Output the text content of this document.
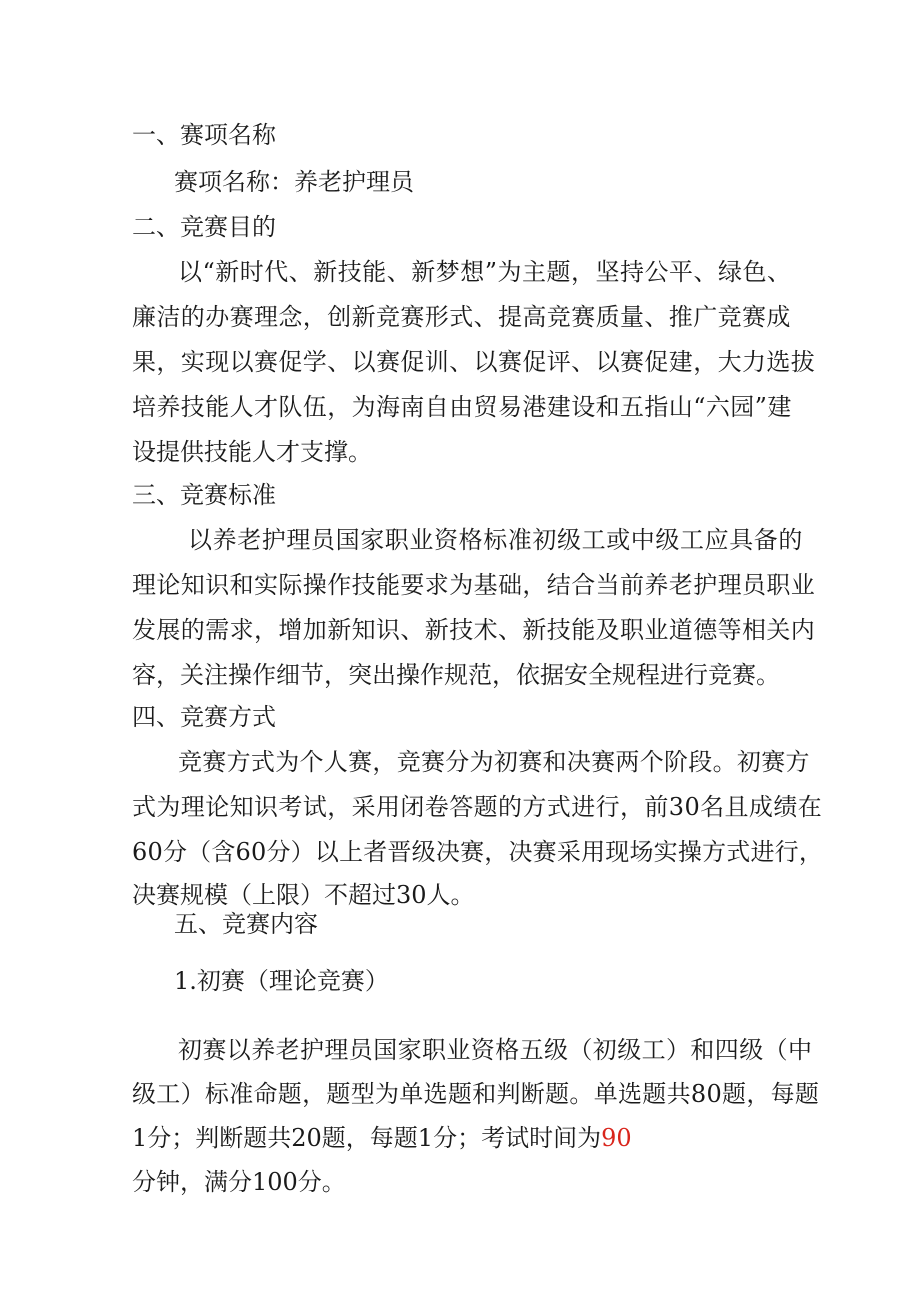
一、赛项名称
赛项名称：养老护理员
二、竞赛目的
以“新时代、新技能、新梦想”为主题，坚持公平、绿色、
廉洁的办赛理念，创新竞赛形式、提高竞赛质量、推广竞赛成
果，实现以赛促学、以赛促训、以赛促评、以赛促建，大力选拔
培养技能人才队伍，为海南自由贸易港建设和五指山“六园”建
设提供技能人才支撑。
三、竞赛标准
以养老护理员国家职业资格标准初级工或中级工应具备的
理论知识和实际操作技能要求为基础，结合当前养老护理员职业
发展的需求，增加新知识、新技术、新技能及职业道德等相关内
容，关注操作细节，突出操作规范，依据安全规程进行竞赛。
四、竞赛方式
竞赛方式为个人赛，竞赛分为初赛和决赛两个阶段。初赛方
式为理论知识考试，采用闭卷答题的方式进行，前30名且成绩在
60分（含60分）以上者晋级决赛，决赛采用现场实操方式进行，
决赛规模（上限）不超过30人。
五、竞赛内容
1.初赛（理论竞赛）
初赛以养老护理员国家职业资格五级（初级工）和四级（中
级工）标准命题，题型为单选题和判断题。单选题共80题，每题
1分；判断题共20题，每题1分；考试时间为90
分钟，满分100分。
